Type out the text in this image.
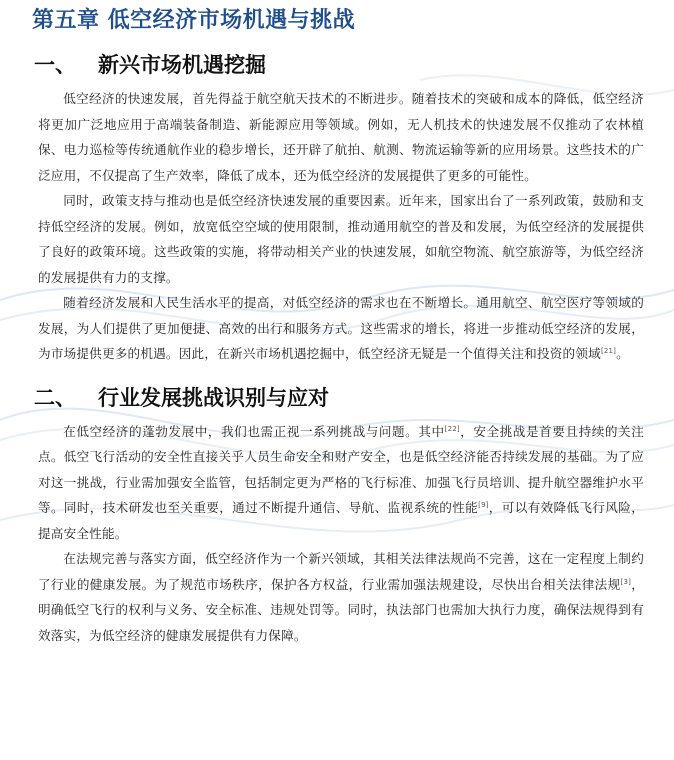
第五章 低空经济市场机遇与挑战
一、 新兴市场机遇挖掘

低空经济的快速发展，首先得益于航空航天技术的不断进步。随着技术的突破和成本的降低，低空经济将更加广泛地应用于高端装备制造、新能源应用等领域。例如，无人机技术的快速发展不仅推动了农林植保、电力巡检等传统通航作业的稳步增长，还开辟了航拍、航测、物流运输等新的应用场景。这些技术的广泛应用，不仅提高了生产效率，降低了成本，还为低空经济的发展提供了更多的可能性。

同时，政策支持与推动也是低空经济快速发展的重要因素。近年来，国家出台了一系列政策，鼓励和支持低空经济的发展。例如，放宽低空空域的使用限制，推动通用航空的普及和发展，为低空经济的发展提供了良好的政策环境。这些政策的实施，将带动相关产业的快速发展，如航空物流、航空旅游等，为低空经济的发展提供有力的支撑。

随着经济发展和人民生活水平的提高，对低空经济的需求也在不断增长。通用航空、航空医疗等领域的发展，为人们提供了更加便捷、高效的出行和服务方式。这些需求的增长，将进一步推动低空经济的发展，为市场提供更多的机遇。因此，在新兴市场机遇挖掘中，低空经济无疑是一个值得关注和投资的领域[21]。

二、 行业发展挑战识别与应对

在低空经济的蓬勃发展中，我们也需正视一系列挑战与问题。其中[22]，安全挑战是首要且持续的关注点。低空飞行活动的安全性直接关乎人员生命安全和财产安全，也是低空经济能否持续发展的基础。为了应对这一挑战，行业需加强安全监管，包括制定更为严格的飞行标准、加强飞行员培训、提升航空器维护水平等。同时，技术研发也至关重要，通过不断提升通信、导航、监视系统的性能[9]，可以有效降低飞行风险，提高安全性能。

在法规完善与落实方面，低空经济作为一个新兴领域，其相关法律法规尚不完善，这在一定程度上制约了行业的健康发展。为了规范市场秩序，保护各方权益，行业需加强法规建设，尽快出台相关法律法规[3]，明确低空飞行的权利与义务、安全标准、违规处罚等。同时，执法部门也需加大执行力度，确保法规得到有效落实，为低空经济的健康发展提供有力保障。
